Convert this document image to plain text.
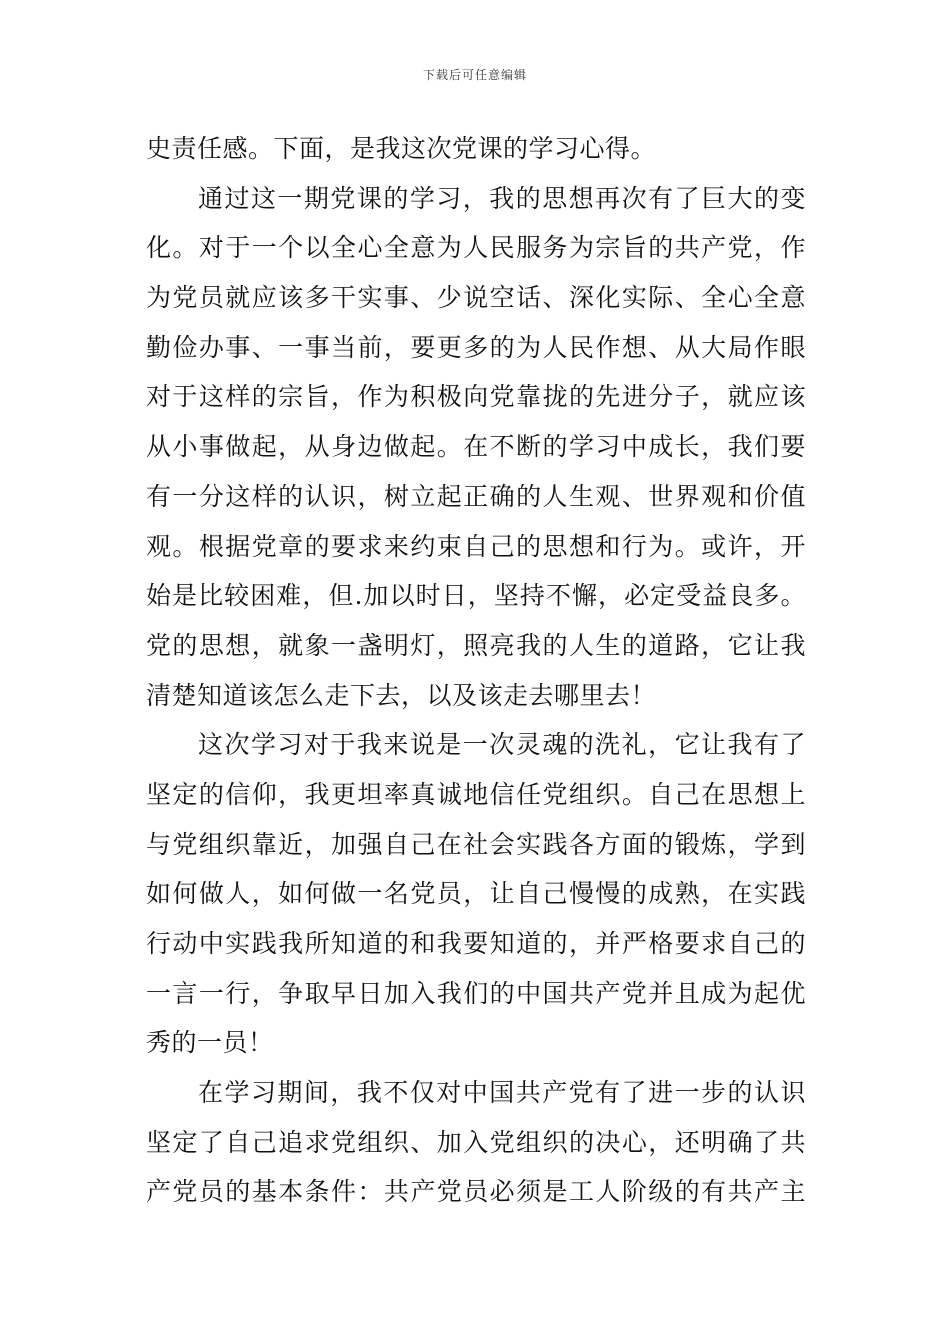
下载后可任意编辑
史责任感。下面，是我这次党课的学习心得。
通过这一期党课的学习，我的思想再次有了巨大的变
化。对于一个以全心全意为人民服务为宗旨的共产党，作
为党员就应该多干实事、少说空话、深化实际、全心全意
勤俭办事、一事当前，要更多的为人民作想、从大局作眼
对于这样的宗旨，作为积极向党靠拢的先进分子，就应该
从小事做起，从身边做起。在不断的学习中成长，我们要
有一分这样的认识，树立起正确的人生观、世界观和价值
观。根据党章的要求来约束自己的思想和行为。或许，开
始是比较困难，但.加以时日，坚持不懈，必定受益良多。
党的思想，就象一盏明灯，照亮我的人生的道路，它让我
清楚知道该怎么走下去，以及该走去哪里去！
这次学习对于我来说是一次灵魂的洗礼，它让我有了
坚定的信仰，我更坦率真诚地信任党组织。自己在思想上
与党组织靠近，加强自己在社会实践各方面的锻炼，学到
如何做人，如何做一名党员，让自己慢慢的成熟，在实践
行动中实践我所知道的和我要知道的，并严格要求自己的
一言一行，争取早日加入我们的中国共产党并且成为起优
秀的一员！
在学习期间，我不仅对中国共产党有了进一步的认识
坚定了自己追求党组织、加入党组织的决心，还明确了共
产党员的基本条件：共产党员必须是工人阶级的有共产主
